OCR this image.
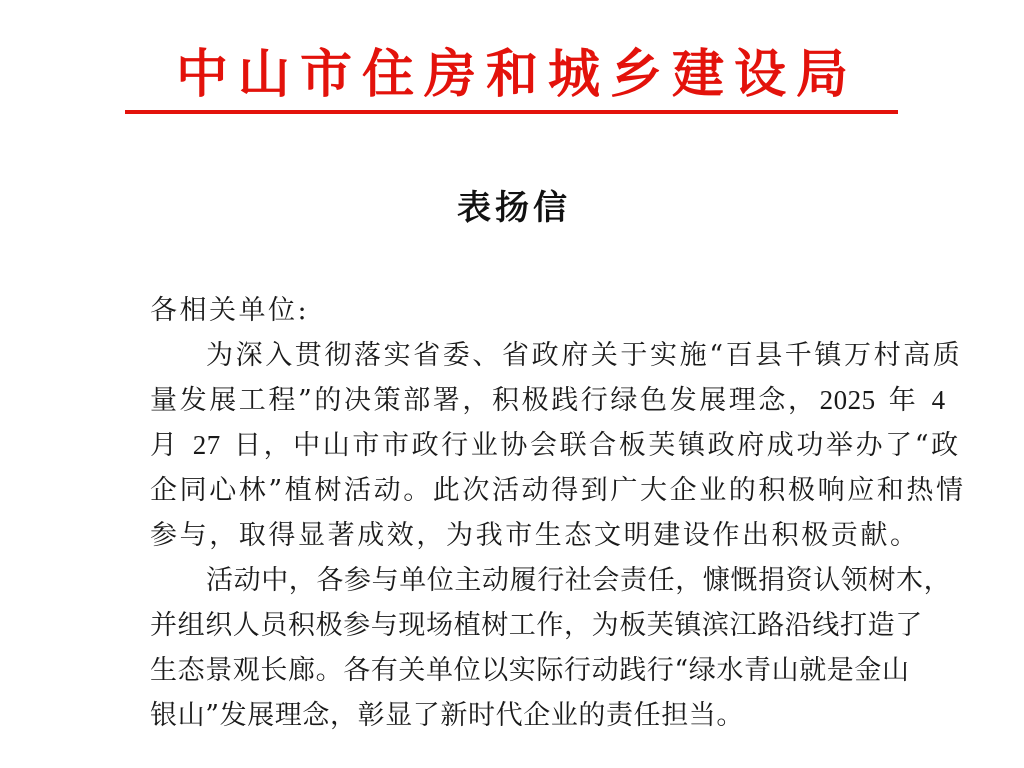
中山市住房和城乡建设局
表扬信
各相关单位:

为深入贯彻落实省委、省政府关于实施“百县千镇万村高质
量发展工程”的决策部署，积极践行绿色发展理念，2025 年 4
月 27 日，中山市市政行业协会联合板芙镇政府成功举办了“政
企同心林”植树活动。此次活动得到广大企业的积极响应和热情
参与，取得显著成效，为我市生态文明建设作出积极贡献。

活动中，各参与单位主动履行社会责任，慷慨捐资认领树木，
并组织人员积极参与现场植树工作，为板芙镇滨江路沿线打造了
生态景观长廊。各有关单位以实际行动践行“绿水青山就是金山
银山”发展理念，彰显了新时代企业的责任担当。
